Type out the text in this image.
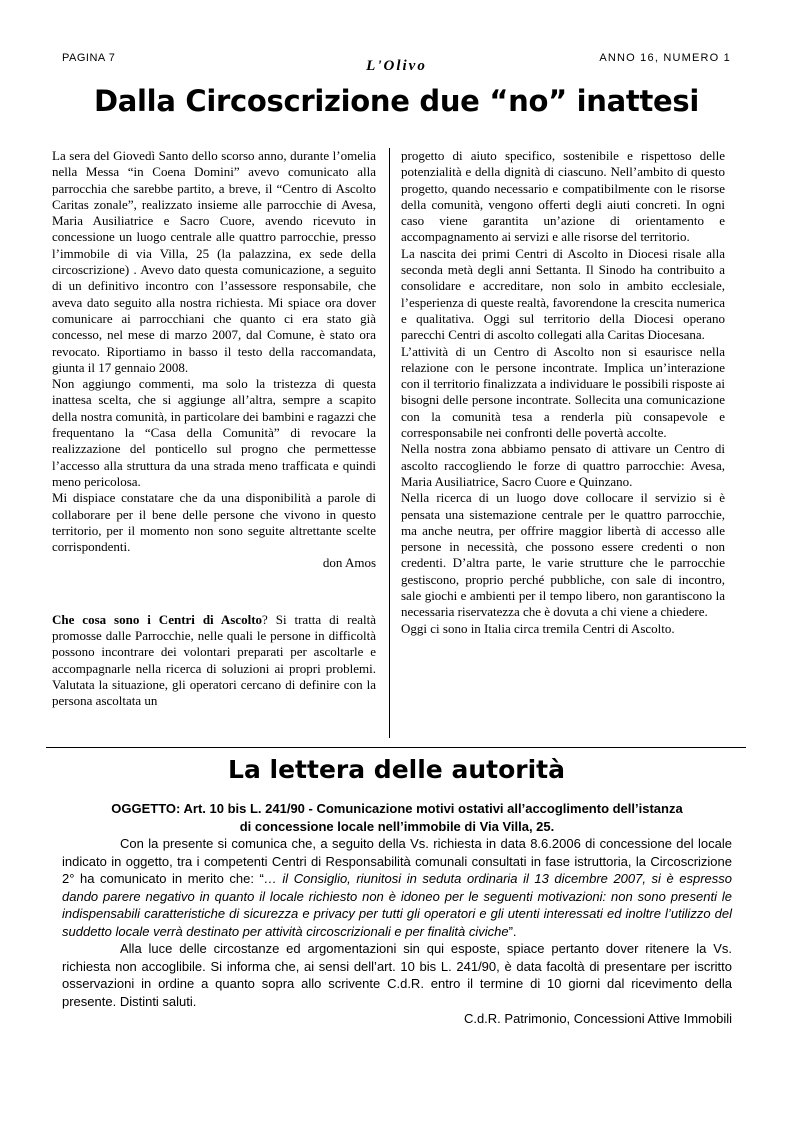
PAGINA 7	L'Olivo	ANNO 16, NUMERO 1
Dalla Circoscrizione due “no” inattesi

La sera del Giovedì Santo dello scorso anno, durante l’omelia nella Messa “in Coena Domini” avevo comunicato alla parrocchia che sarebbe partito, a breve, il “Centro di Ascolto Caritas zonale”, realizzato insieme alle parrocchie di Avesa, Maria Ausiliatrice e Sacro Cuore, avendo ricevuto in concessione un luogo centrale alle quattro parrocchie, presso l’immobile di via Villa, 25 (la palazzina, ex sede della circoscrizione) . Avevo dato questa comunicazione, a seguito di un definitivo incontro con l’assessore responsabile, che aveva dato seguito alla nostra richiesta. Mi spiace ora dover comunicare ai parrocchiani che quanto ci era stato già concesso, nel mese di marzo 2007, dal Comune, è stato ora revocato. Riportiamo in basso il testo della raccomandata, giunta il 17 gennaio 2008.

Non aggiungo commenti, ma solo la tristezza di questa inattesa scelta, che si aggiunge all’altra, sempre a scapito della nostra comunità, in particolare dei bambini e ragazzi che frequentano la “Casa della Comunità” di revocare la realizzazione del ponticello sul progno che permettesse l’accesso alla struttura da una strada meno trafficata e quindi meno pericolosa.

Mi dispiace constatare che da una disponibilità a parole di collaborare per il bene delle persone che vivono in questo territorio, per il momento non sono seguite altrettante scelte corrispondenti.

don Amos

Che cosa sono i Centri di Ascolto? Si tratta di realtà promosse dalle Parrocchie, nelle quali le persone in difficoltà possono incontrare dei volontari preparati per ascoltarle e accompagnarle nella ricerca di soluzioni ai propri problemi. Valutata la situazione, gli operatori cercano di definire con la persona ascoltata un

progetto di aiuto specifico, sostenibile e rispettoso delle potenzialità e della dignità di ciascuno. Nell’ambito di questo progetto, quando necessario e compatibilmente con le risorse della comunità, vengono offerti degli aiuti concreti. In ogni caso viene garantita un’azione di orientamento e accompagnamento ai servizi e alle risorse del territorio.

La nascita dei primi Centri di Ascolto in Diocesi risale alla seconda metà degli anni Settanta. Il Sinodo ha contribuito a consolidare e accreditare, non solo in ambito ecclesiale, l’esperienza di queste realtà, favorendone la crescita numerica e qualitativa. Oggi sul territorio della Diocesi operano parecchi Centri di ascolto collegati alla Caritas Diocesana.

L’attività di un Centro di Ascolto non si esaurisce nella relazione con le persone incontrate. Implica un’interazione con il territorio finalizzata a individuare le possibili risposte ai bisogni delle persone incontrate. Sollecita una comunicazione con la comunità tesa a renderla più consapevole e corresponsabile nei confronti delle povertà accolte.

Nella nostra zona abbiamo pensato di attivare un Centro di ascolto raccogliendo le forze di quattro parrocchie: Avesa, Maria Ausiliatrice, Sacro Cuore e Quinzano.

Nella ricerca di un luogo dove collocare il servizio si è pensata una sistemazione centrale per le quattro parrocchie, ma anche neutra, per offrire maggior libertà di accesso alle persone in necessità, che possono essere credenti o non credenti. D’altra parte, le varie strutture che le parrocchie gestiscono, proprio perché pubbliche, con sale di incontro, sale giochi e ambienti per il tempo libero, non garantiscono la necessaria riservatezza che è dovuta a chi viene a chiedere.

Oggi ci sono in Italia circa tremila Centri di Ascolto.

La lettera delle autorità

OGGETTO: Art. 10 bis L. 241/90 - Comunicazione motivi ostativi all’accoglimento dell’istanza
di concessione locale nell’immobile di Via Villa, 25.

Con la presente si comunica che, a seguito della Vs. richiesta in data 8.6.2006 di concessione del locale indicato in oggetto, tra i competenti Centri di Responsabilità comunali consultati in fase istruttoria, la Circoscrizione 2° ha comunicato in merito che: “… il Consiglio, riunitosi in seduta ordinaria il 13 dicembre 2007, si è espresso dando parere negativo in quanto il locale richiesto non è idoneo per le seguenti motivazioni: non sono presenti le indispensabili caratteristiche di sicurezza e privacy per tutti gli operatori e gli utenti interessati ed inoltre l’utilizzo del suddetto locale verrà destinato per attività circoscrizionali e per finalità civiche”.

Alla luce delle circostanze ed argomentazioni sin qui esposte, spiace pertanto dover ritenere la Vs. richiesta non accoglibile. Si informa che, ai sensi dell’art. 10 bis L. 241/90, è data facoltà di presentare per iscritto osservazioni in ordine a quanto sopra allo scrivente C.d.R. entro il termine di 10 giorni dal ricevimento della presente. Distinti saluti.

C.d.R. Patrimonio, Concessioni Attive Immobili
